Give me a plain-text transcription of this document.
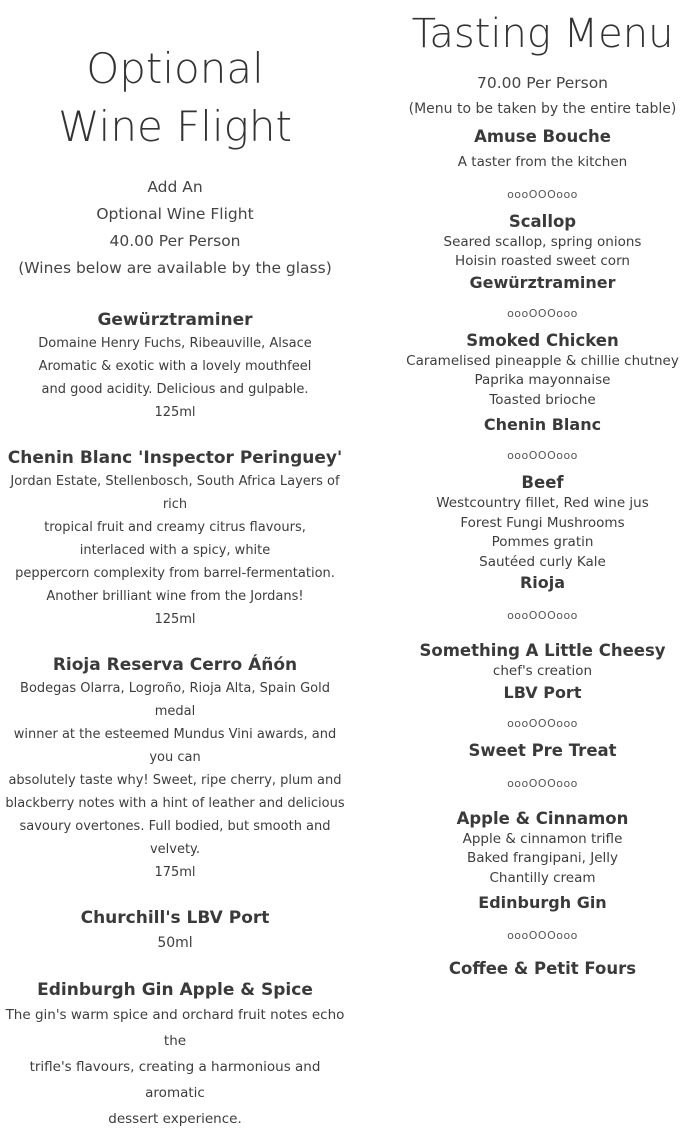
Optional
Wine Flight
Add An
Optional Wine Flight
40.00 Per Person
(Wines below are available by the glass)
Gewürztraminer
Domaine Henry Fuchs, Ribeauville, Alsace
Aromatic & exotic with a lovely mouthfeel
and good acidity. Delicious and gulpable.
125ml
Chenin Blanc 'Inspector Peringuey'
Jordan Estate, Stellenbosch, South Africa Layers of rich
tropical fruit and creamy citrus flavours,
interlaced with a spicy, white
peppercorn complexity from barrel-fermentation.
Another brilliant wine from the Jordans!
125ml
Rioja Reserva Cerro Áñón
Bodegas Olarra, Logroño, Rioja Alta, Spain Gold medal
winner at the esteemed Mundus Vini awards, and you can
absolutely taste why! Sweet, ripe cherry, plum and
blackberry notes with a hint of leather and delicious
savoury overtones. Full bodied, but smooth and velvety.
175ml
Churchill's LBV Port
50ml
Edinburgh Gin Apple & Spice
The gin's warm spice and orchard fruit notes echo the
trifle's flavours, creating a harmonious and aromatic
dessert experience.
Tasting Menu
70.00 Per Person
(Menu to be taken by the entire table)
Amuse Bouche
A taster from the kitchen
oooOOOooo
Scallop
Seared scallop, spring onions
Hoisin roasted sweet corn
Gewürztraminer
oooOOOooo
Smoked Chicken
Caramelised pineapple & chillie chutney
Paprika mayonnaise
Toasted brioche
Chenin Blanc
oooOOOooo
Beef
Westcountry fillet, Red wine jus
Forest Fungi Mushrooms
Pommes gratin
Sautéed curly Kale
Rioja
oooOOOooo
Something A Little Cheesy
chef's creation
LBV Port
oooOOOooo
Sweet Pre Treat
oooOOOooo
Apple & Cinnamon
Apple & cinnamon trifle
Baked frangipani, Jelly
Chantilly cream
Edinburgh Gin
oooOOOooo
Coffee & Petit Fours
